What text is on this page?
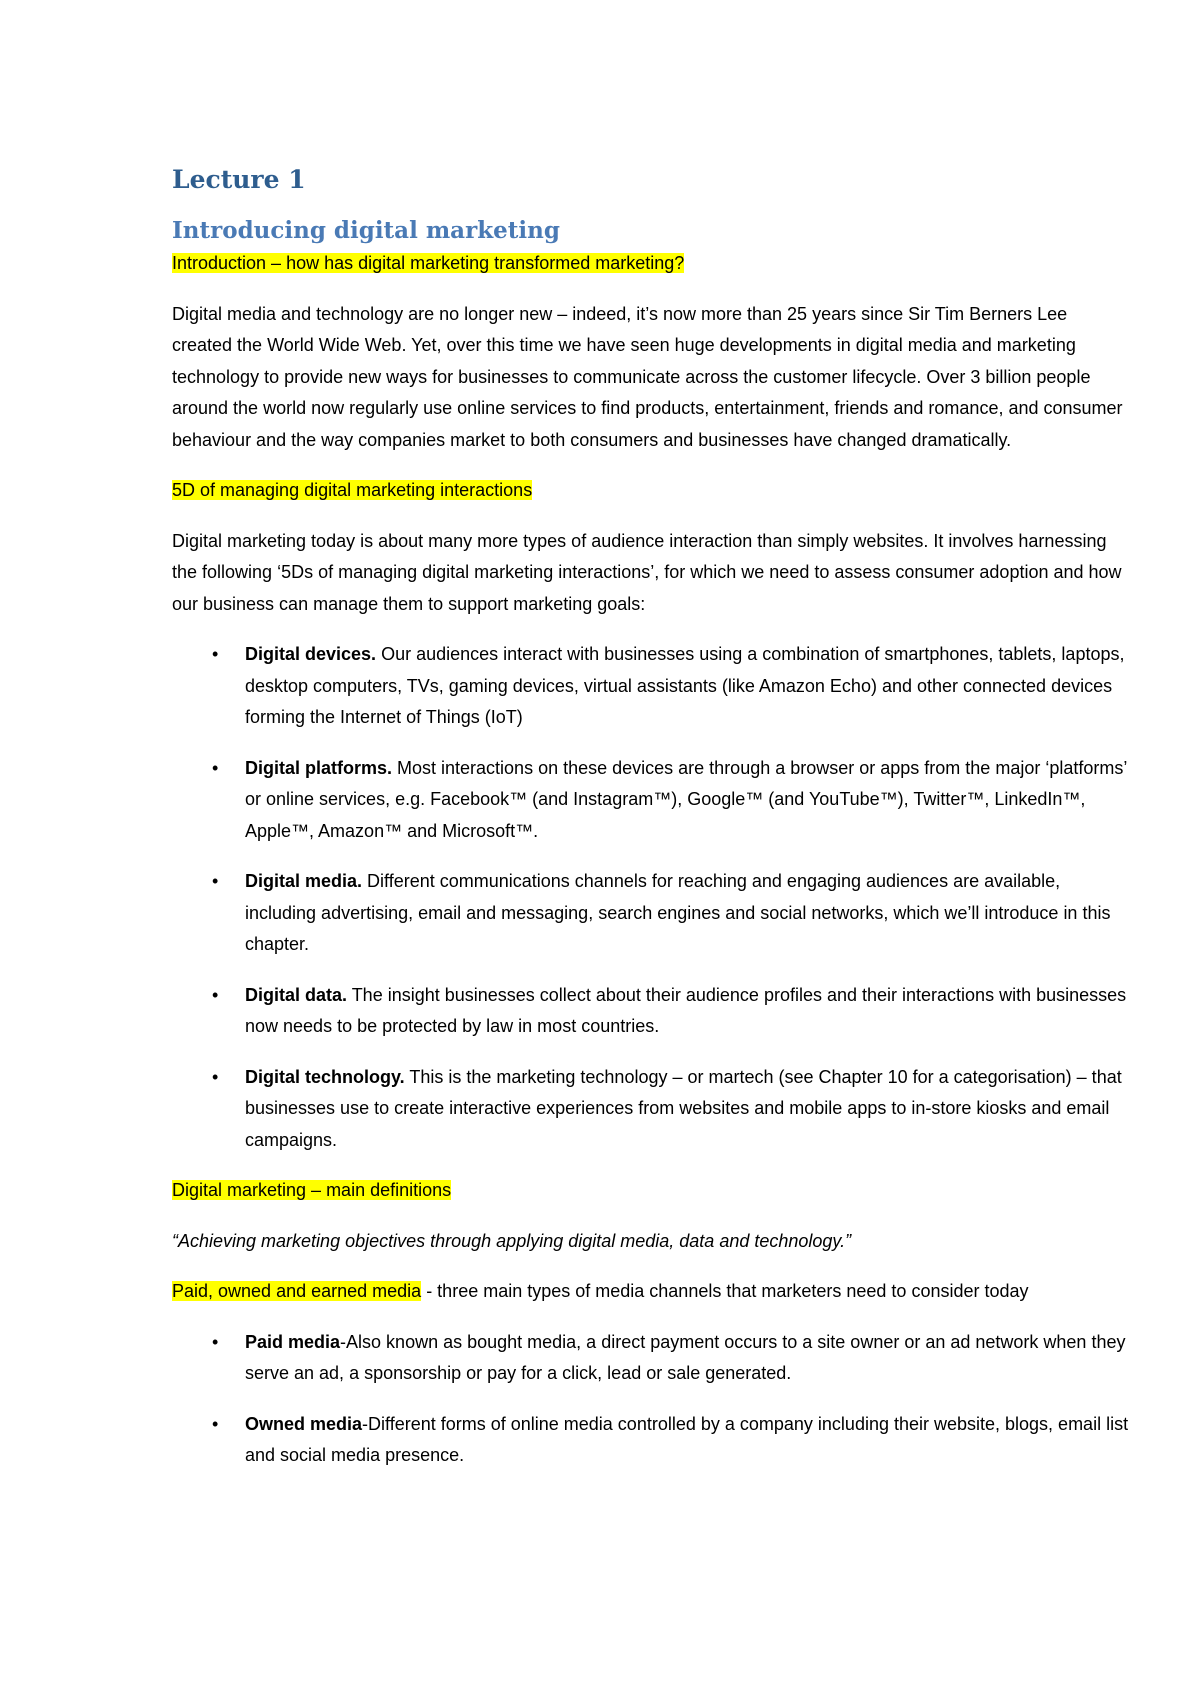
Lecture 1
Introducing digital marketing

Introduction – how has digital marketing transformed marketing?

Digital media and technology are no longer new – indeed, it’s now more than 25 years since Sir Tim Berners Lee created the World Wide Web. Yet, over this time we have seen huge developments in digital media and marketing technology to provide new ways for businesses to communicate across the customer lifecycle. Over 3 billion people around the world now regularly use online services to find products, entertainment, friends and romance, and consumer behaviour and the way companies market to both consumers and businesses have changed dramatically.

5D of managing digital marketing interactions

Digital marketing today is about many more types of audience interaction than simply websites. It involves harnessing the following ‘5Ds of managing digital marketing interactions’, for which we need to assess consumer adoption and how our business can manage them to support marketing goals:

• Digital devices. Our audiences interact with businesses using a combination of smartphones, tablets, laptops, desktop computers, TVs, gaming devices, virtual assistants (like Amazon Echo) and other connected devices forming the Internet of Things (IoT)
• Digital platforms. Most interactions on these devices are through a browser or apps from the major ‘platforms’ or online services, e.g. Facebook™ (and Instagram™), Google™ (and YouTube™), Twitter™, LinkedIn™, Apple™, Amazon™ and Microsoft™.
• Digital media. Different communications channels for reaching and engaging audiences are available, including advertising, email and messaging, search engines and social networks, which we’ll introduce in this chapter.
• Digital data. The insight businesses collect about their audience profiles and their interactions with businesses now needs to be protected by law in most countries.
• Digital technology. This is the marketing technology – or martech (see Chapter 10 for a categorisation) – that businesses use to create interactive experiences from websites and mobile apps to in-store kiosks and email campaigns.

Digital marketing – main definitions

“Achieving marketing objectives through applying digital media, data and technology.”

Paid, owned and earned media - three main types of media channels that marketers need to consider today

• Paid media-Also known as bought media, a direct payment occurs to a site owner or an ad network when they serve an ad, a sponsorship or pay for a click, lead or sale generated.
• Owned media-Different forms of online media controlled by a company including their website, blogs, email list and social media presence.
